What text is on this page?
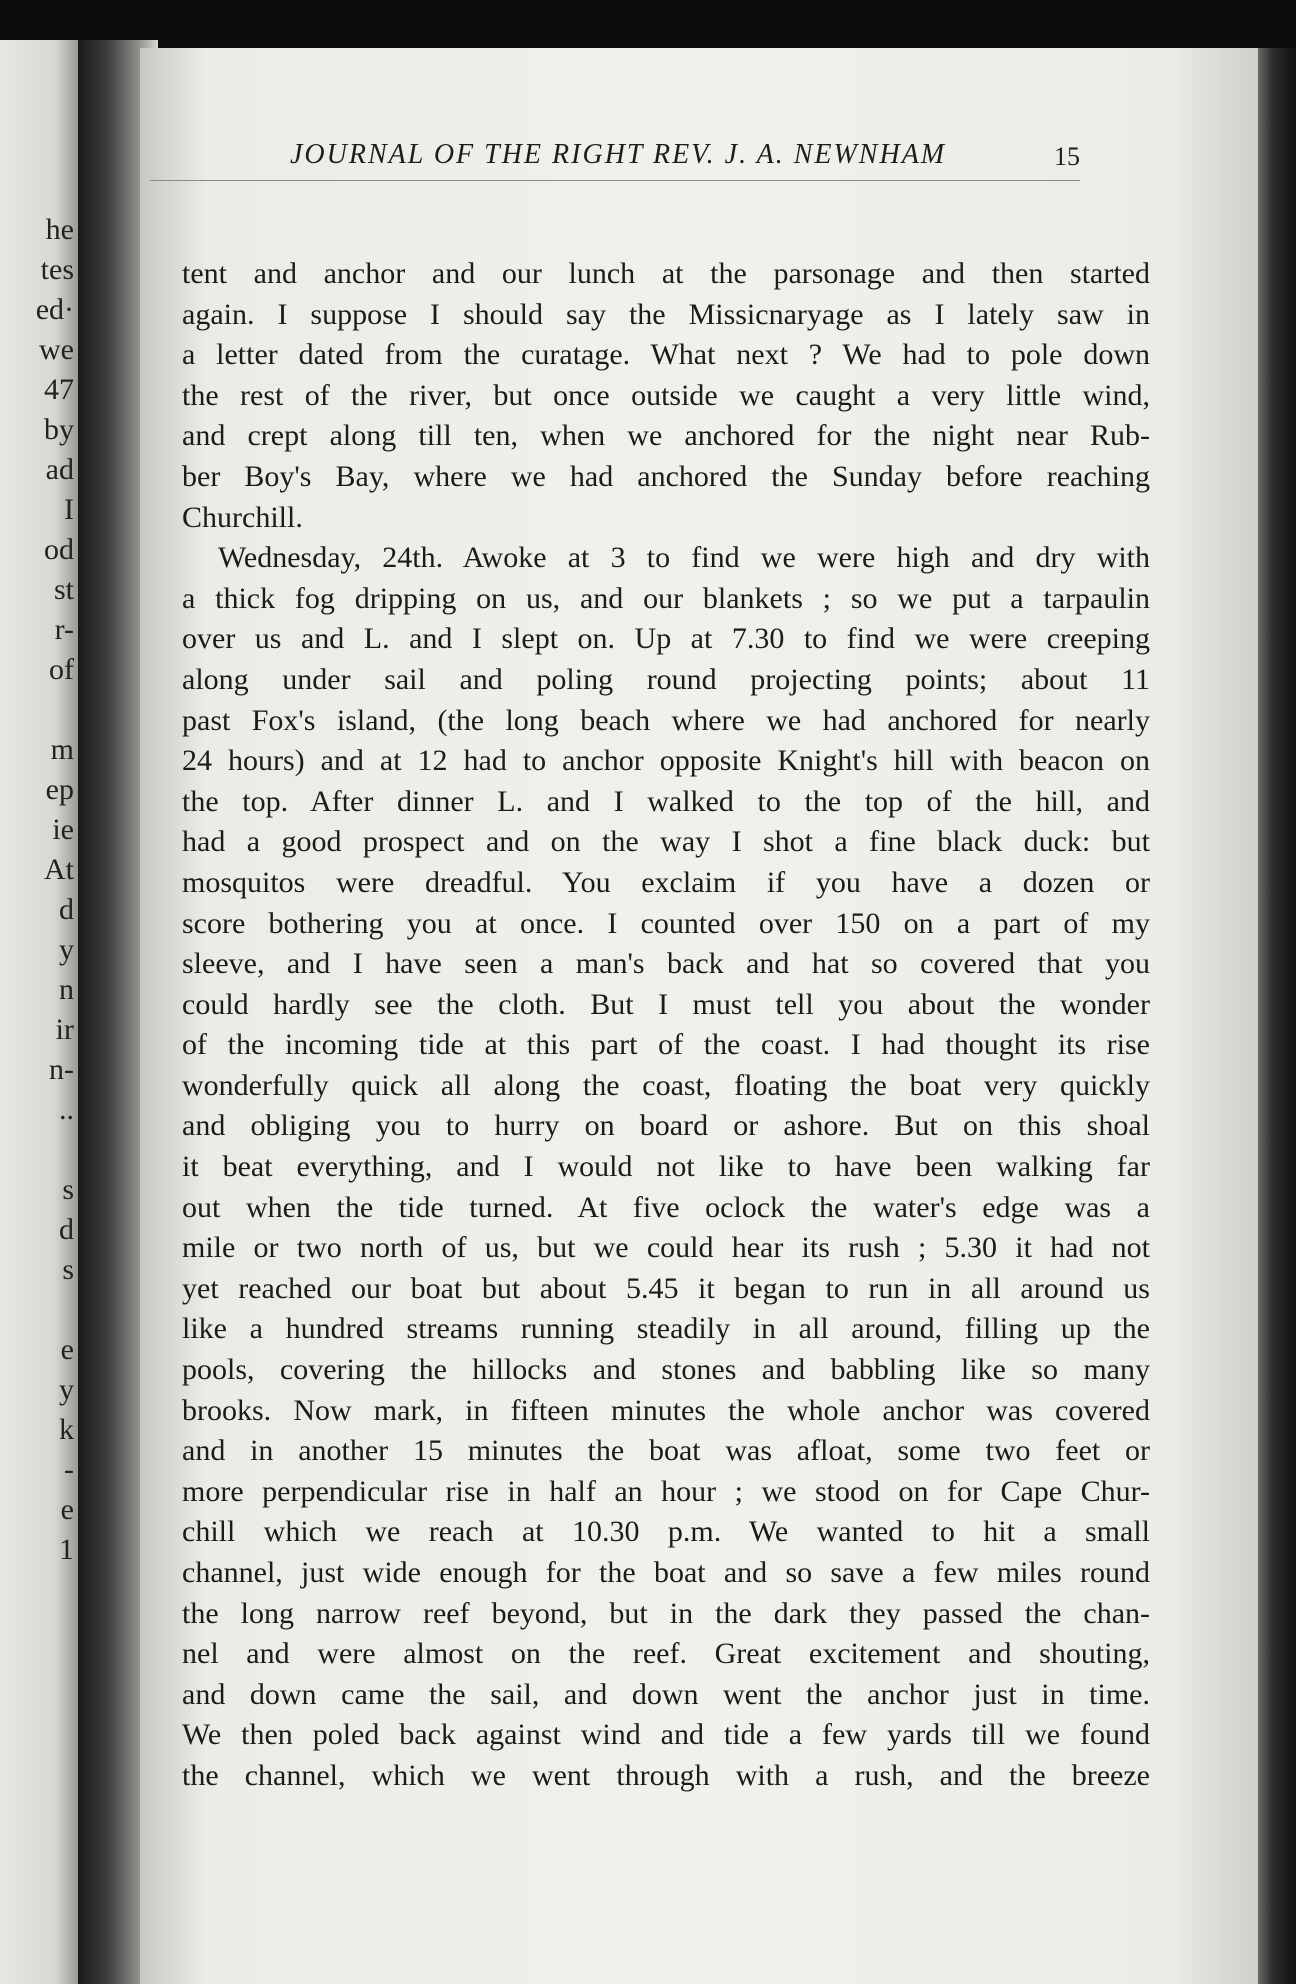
he
tes
ed·
we
47
by
ad
I
od
st
r-
of
m
ep
ie
At
d
y
n
ir
n-
..
s
d
s
e
y
k
-
e
1
JOURNAL OF THE RIGHT REV. J. A. NEWNHAM	15
tent and anchor and our lunch at the parsonage and then started
again. I suppose I should say the Missicnaryage as I lately saw in
a letter dated from the curatage. What next ? We had to pole down
the rest of the river, but once outside we caught a very little wind,
and crept along till ten, when we anchored for the night near Rub-
ber Boy's Bay, where we had anchored the Sunday before reaching
Churchill.
Wednesday, 24th. Awoke at 3 to find we were high and dry with
a thick fog dripping on us, and our blankets ; so we put a tarpaulin
over us and L. and I slept on. Up at 7.30 to find we were creeping
along under sail and poling round projecting points; about 11
past Fox's island, (the long beach where we had anchored for nearly
24 hours) and at 12 had to anchor opposite Knight's hill with beacon on
the top. After dinner L. and I walked to the top of the hill, and
had a good prospect and on the way I shot a fine black duck: but
mosquitos were dreadful. You exclaim if you have a dozen or
score bothering you at once. I counted over 150 on a part of my
sleeve, and I have seen a man's back and hat so covered that you
could hardly see the cloth. But I must tell you about the wonder
of the incoming tide at this part of the coast. I had thought its rise
wonderfully quick all along the coast, floating the boat very quickly
and obliging you to hurry on board or ashore. But on this shoal
it beat everything, and I would not like to have been walking far
out when the tide turned. At five oclock the water's edge was a
mile or two north of us, but we could hear its rush ; 5.30 it had not
yet reached our boat but about 5.45 it began to run in all around us
like a hundred streams running steadily in all around, filling up the
pools, covering the hillocks and stones and babbling like so many
brooks. Now mark, in fifteen minutes the whole anchor was covered
and in another 15 minutes the boat was afloat, some two feet or
more perpendicular rise in half an hour ; we stood on for Cape Chur-
chill which we reach at 10.30 p.m. We wanted to hit a small
channel, just wide enough for the boat and so save a few miles round
the long narrow reef beyond, but in the dark they passed the chan-
nel and were almost on the reef. Great excitement and shouting,
and down came the sail, and down went the anchor just in time.
We then poled back against wind and tide a few yards till we found
the channel, which we went through with a rush, and the breeze
